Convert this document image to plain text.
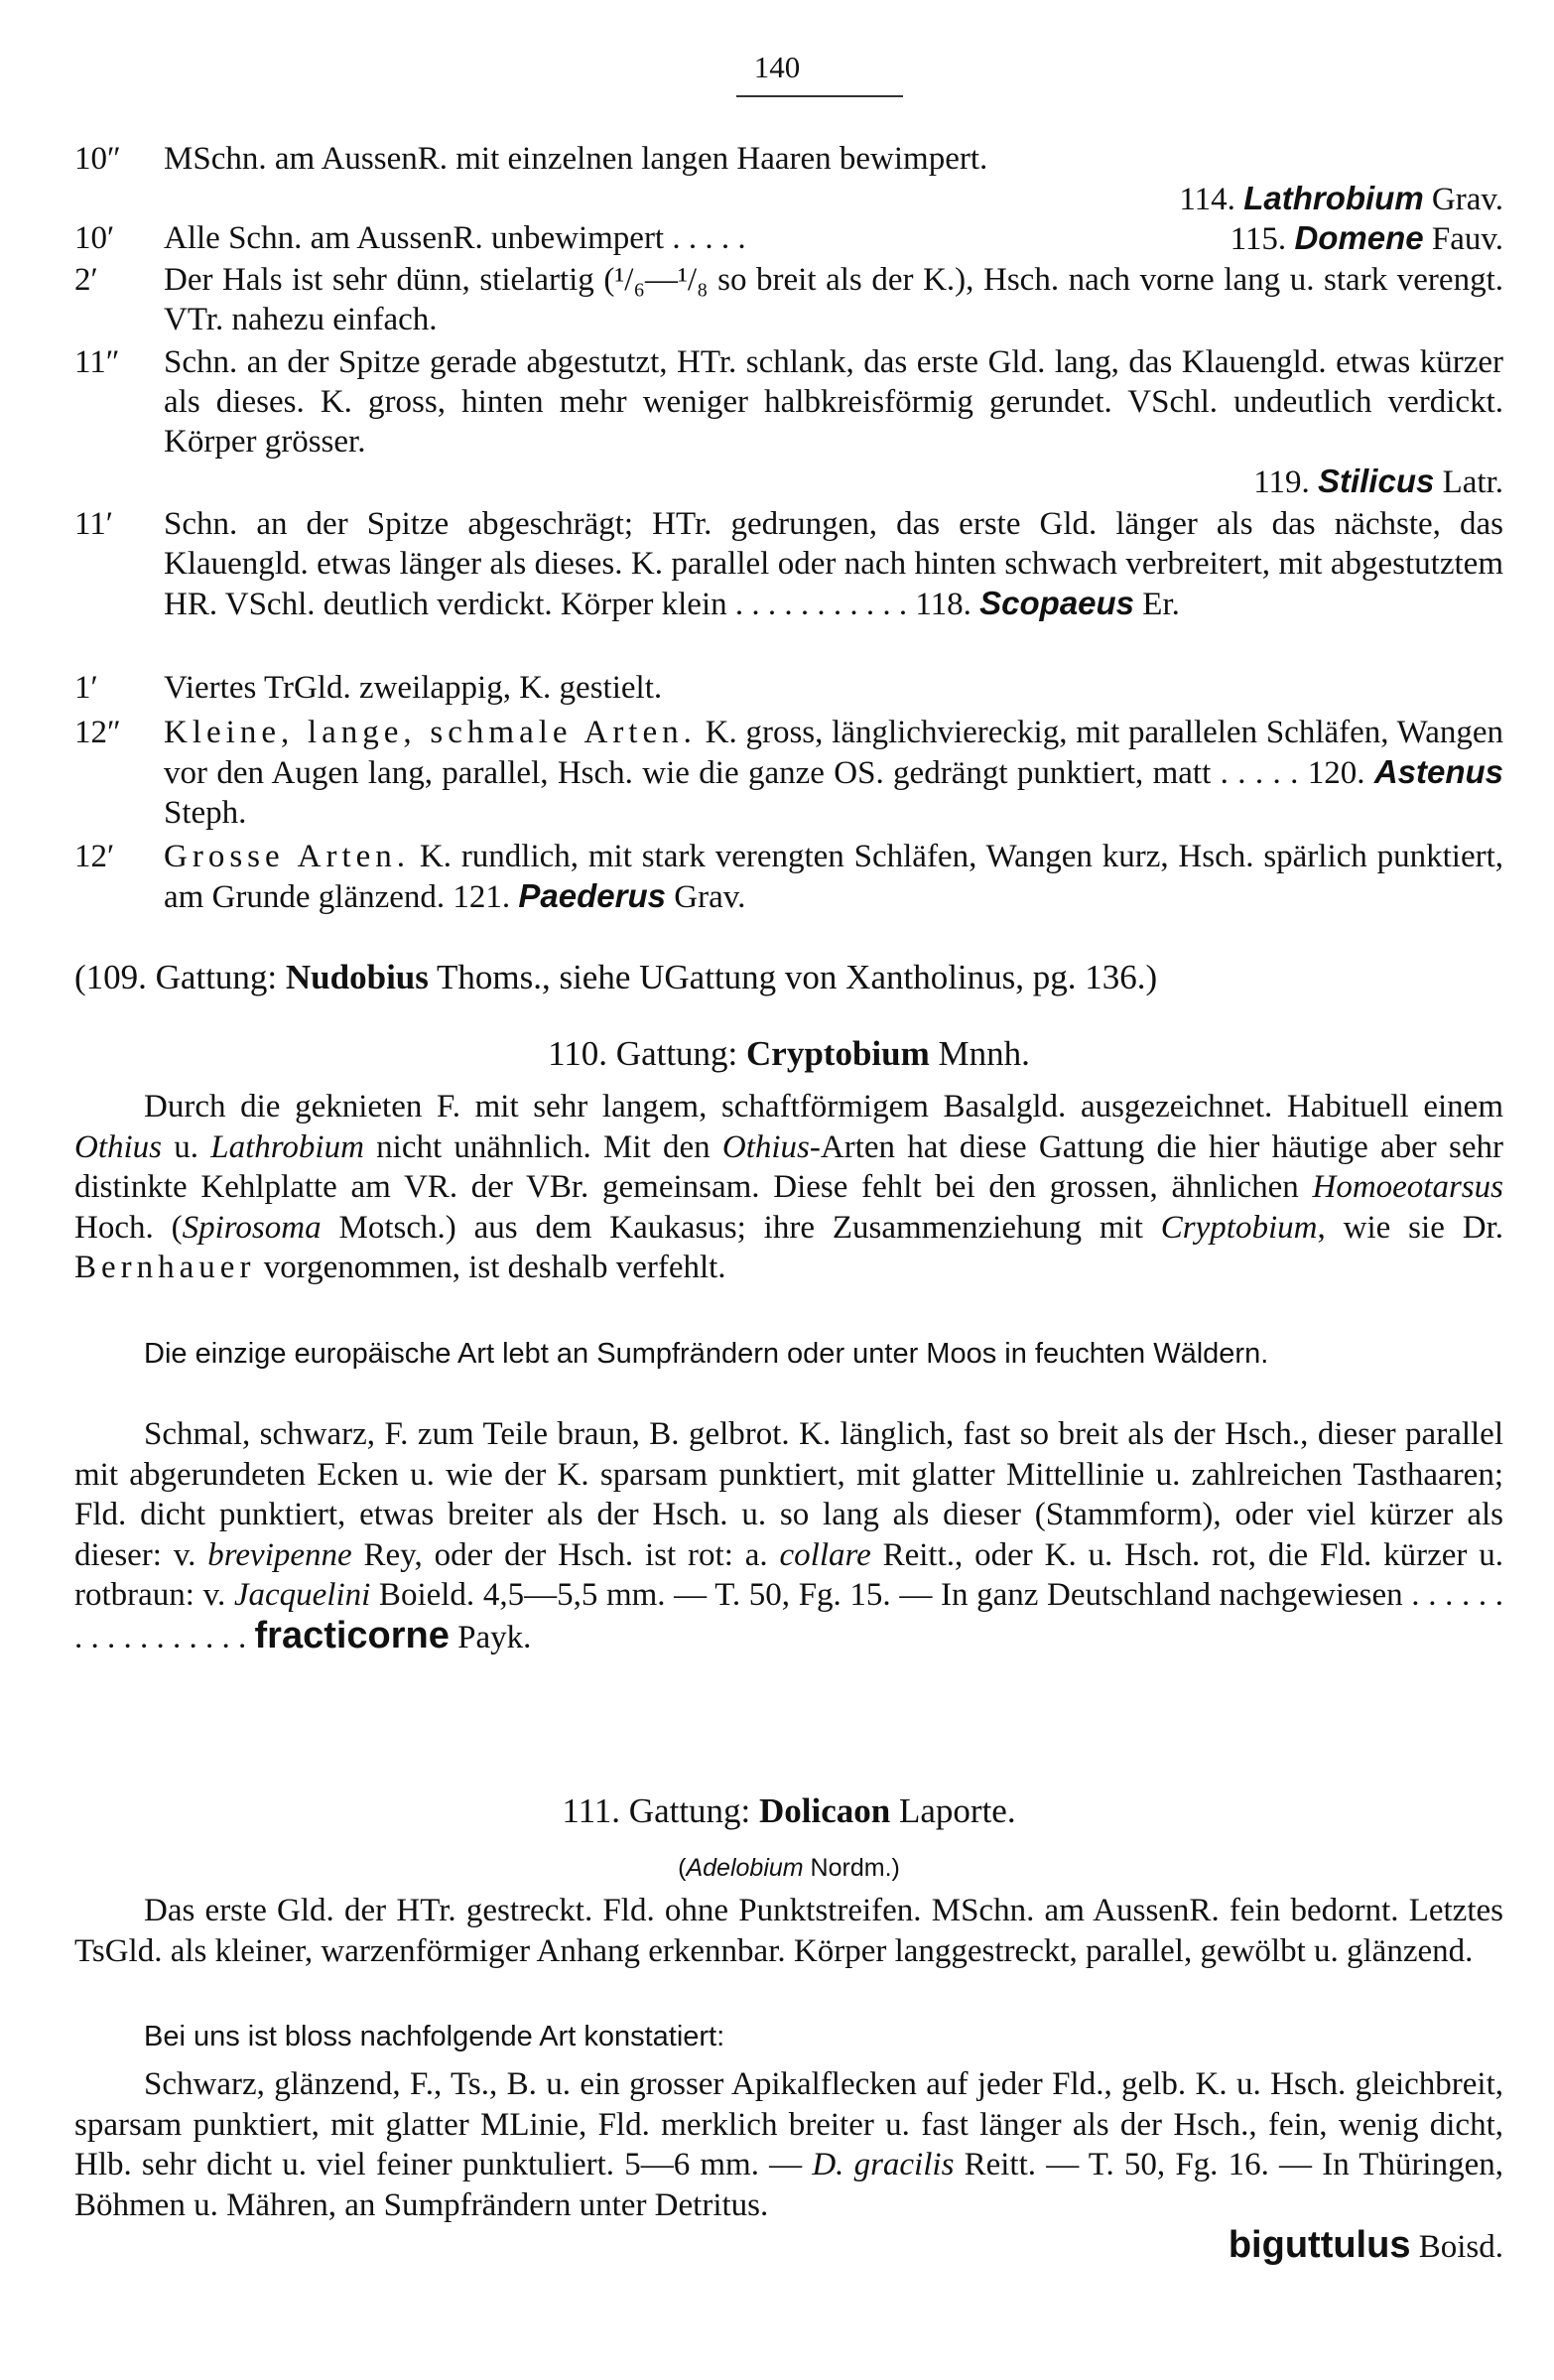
140
10″	MSchn. am AussenR. mit einzelnen langen Haaren bewimpert.
114. Lathrobium Grav.
10′	Alle Schn. am AussenR. unbewimpert . . . . .	115. Domene Fauv.
2′	Der Hals ist sehr dünn, stielartig (¹/₆—¹/₈ so breit als der K.), Hsch. nach vorne lang u. stark verengt. VTr. nahezu einfach.
11″	Schn. an der Spitze gerade abgestutzt, HTr. schlank, das erste Gld. lang, das Klauengld. etwas kürzer als dieses. K. gross, hinten mehr weniger halbkreisförmig gerundet. VSchl. undeutlich verdickt. Körper grösser.
119. Stilicus Latr.
11′	Schn. an der Spitze abgeschrägt; HTr. gedrungen, das erste Gld. länger als das nächste, das Klauengld. etwas länger als dieses. K. parallel oder nach hinten schwach verbreitert, mit abgestutztem HR. VSchl. deutlich verdickt. Körper klein . . . . . . . . . . . 118. Scopaeus Er.
1′	Viertes TrGld. zweilappig, K. gestielt.
12″	Kleine, lange, schmale Arten. K. gross, länglichviereckig, mit parallelen Schläfen, Wangen vor den Augen lang, parallel, Hsch. wie die ganze OS. gedrängt punktiert, matt . . . . . 120. Astenus Steph.
12′	Grosse Arten. K. rundlich, mit stark verengten Schläfen, Wangen kurz, Hsch. spärlich punktiert, am Grunde glänzend. 121. Paederus Grav.
(109. Gattung: Nudobius Thoms., siehe UGattung von Xantholinus, pg. 136.)
110. Gattung: Cryptobium Mnnh.
Durch die geknieten F. mit sehr langem, schaftförmigem Basalgld. ausgezeichnet. Habituell einem Othius u. Lathrobium nicht unähnlich. Mit den Othius-Arten hat diese Gattung die hier häutige aber sehr distinkte Kehlplatte am VR. der VBr. gemeinsam. Diese fehlt bei den grossen, ähnlichen Homoeotarsus Hoch. (Spirosoma Motsch.) aus dem Kaukasus; ihre Zusammenziehung mit Cryptobium, wie sie Dr. Bernhauer vorgenommen, ist deshalb verfehlt.
Die einzige europäische Art lebt an Sumpfrändern oder unter Moos in feuchten Wäldern.
Schmal, schwarz, F. zum Teile braun, B. gelbrot. K. länglich, fast so breit als der Hsch., dieser parallel mit abgerundeten Ecken u. wie der K. sparsam punktiert, mit glatter Mittellinie u. zahlreichen Tasthaaren; Fld. dicht punktiert, etwas breiter als der Hsch. u. so lang als dieser (Stammform), oder viel kürzer als dieser: v. brevipenne Rey, oder der Hsch. ist rot: a. collare Reitt., oder K. u. Hsch. rot, die Fld. kürzer u. rotbraun: v. Jacquelini Boield. 4,5—5,5 mm. — T. 50, Fg. 15. — In ganz Deutschland nachgewiesen . . . . . . . . . . . . . . . . . fracticorne Payk.
111. Gattung: Dolicaon Laporte.
(Adelobium Nordm.)
Das erste Gld. der HTr. gestreckt. Fld. ohne Punktstreifen. MSchn. am AussenR. fein bedornt. Letztes TsGld. als kleiner, warzenförmiger Anhang erkennbar. Körper langgestreckt, parallel, gewölbt u. glänzend.
Bei uns ist bloss nachfolgende Art konstatiert:
Schwarz, glänzend, F., Ts., B. u. ein grosser Apikalflecken auf jeder Fld., gelb. K. u. Hsch. gleichbreit, sparsam punktiert, mit glatter MLinie, Fld. merklich breiter u. fast länger als der Hsch., fein, wenig dicht, Hlb. sehr dicht u. viel feiner punktuliert. 5—6 mm. — D. gracilis Reitt. — T. 50, Fg. 16. — In Thüringen, Böhmen u. Mähren, an Sumpfrändern unter Detritus.
biguttulus Boisd.
